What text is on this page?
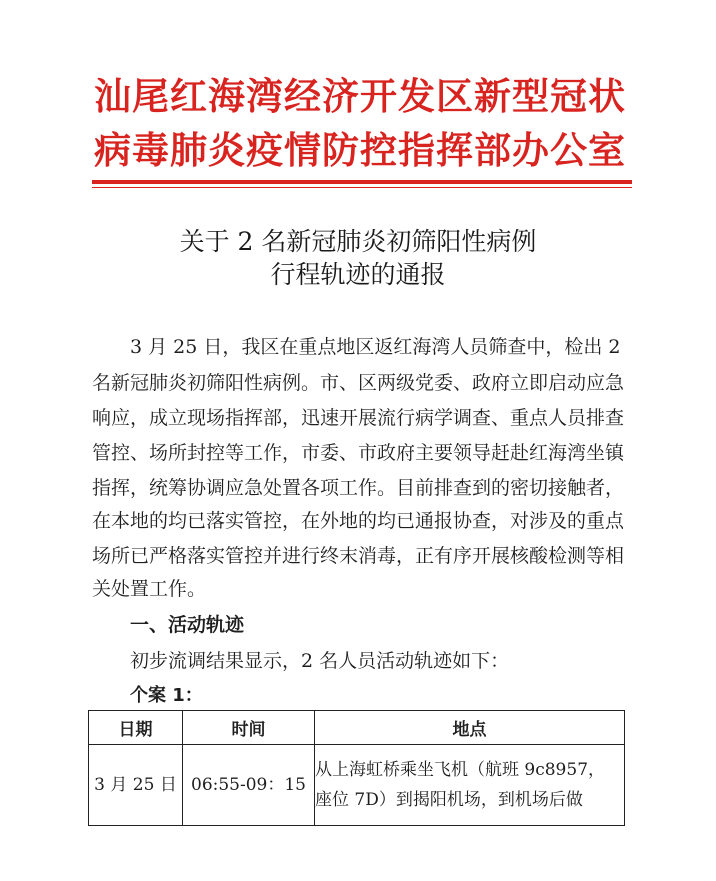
汕尾红海湾经济开发区新型冠状
病毒肺炎疫情防控指挥部办公室
关于 2 名新冠肺炎初筛阳性病例
行程轨迹的通报
3 月 25 日，我区在重点地区返红海湾人员筛查中，检出 2
名新冠肺炎初筛阳性病例。市、区两级党委、政府立即启动应急
响应，成立现场指挥部，迅速开展流行病学调查、重点人员排查
管控、场所封控等工作，市委、市政府主要领导赶赴红海湾坐镇
指挥，统筹协调应急处置各项工作。目前排查到的密切接触者，
在本地的均已落实管控，在外地的均已通报协查，对涉及的重点
场所已严格落实管控并进行终末消毒，正有序开展核酸检测等相
关处置工作。
一、活动轨迹
初步流调结果显示，2 名人员活动轨迹如下：
个案 1：
日期	时间	地点
3 月 25 日	06:55-09：15	从上海虹桥乘坐飞机（航班 9c8957，
座位 7D）到揭阳机场，到机场后做
